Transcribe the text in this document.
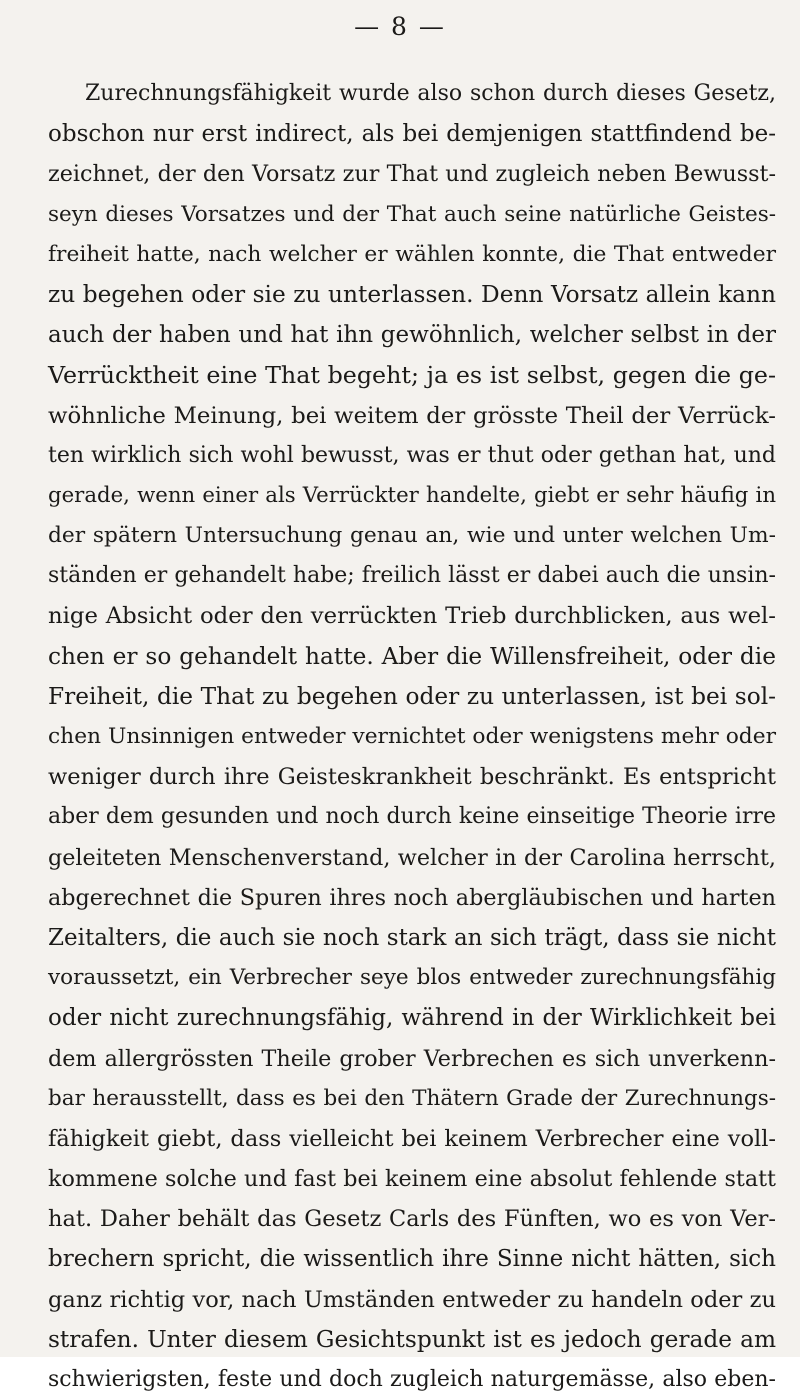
— 8 —
Zurechnungsfähigkeit wurde also schon durch dieses Gesetz,
obschon nur erst indirect, als bei demjenigen stattfindend be-
zeichnet, der den Vorsatz zur That und zugleich neben Bewusst-
seyn dieses Vorsatzes und der That auch seine natürliche Geistes-
freiheit hatte, nach welcher er wählen konnte, die That entweder
zu begehen oder sie zu unterlassen. Denn Vorsatz allein kann
auch der haben und hat ihn gewöhnlich, welcher selbst in der
Verrücktheit eine That begeht; ja es ist selbst, gegen die ge-
wöhnliche Meinung, bei weitem der grösste Theil der Verrück-
ten wirklich sich wohl bewusst, was er thut oder gethan hat, und
gerade, wenn einer als Verrückter handelte, giebt er sehr häufig in
der spätern Untersuchung genau an, wie und unter welchen Um-
ständen er gehandelt habe; freilich lässt er dabei auch die unsin-
nige Absicht oder den verrückten Trieb durchblicken, aus wel-
chen er so gehandelt hatte. Aber die Willensfreiheit, oder die
Freiheit, die That zu begehen oder zu unterlassen, ist bei sol-
chen Unsinnigen entweder vernichtet oder wenigstens mehr oder
weniger durch ihre Geisteskrankheit beschränkt. Es entspricht
aber dem gesunden und noch durch keine einseitige Theorie irre
geleiteten Menschenverstand, welcher in der Carolina herrscht,
abgerechnet die Spuren ihres noch abergläubischen und harten
Zeitalters, die auch sie noch stark an sich trägt, dass sie nicht
voraussetzt, ein Verbrecher seye blos entweder zurechnungsfähig
oder nicht zurechnungsfähig, während in der Wirklichkeit bei
dem allergrössten Theile grober Verbrechen es sich unverkenn-
bar herausstellt, dass es bei den Thätern Grade der Zurechnungs-
fähigkeit giebt, dass vielleicht bei keinem Verbrecher eine voll-
kommene solche und fast bei keinem eine absolut fehlende statt
hat. Daher behält das Gesetz Carls des Fünften, wo es von Ver-
brechern spricht, die wissentlich ihre Sinne nicht hätten, sich
ganz richtig vor, nach Umständen entweder zu handeln oder zu
strafen. Unter diesem Gesichtspunkt ist es jedoch gerade am
schwierigsten, feste und doch zugleich naturgemässe, also eben-
